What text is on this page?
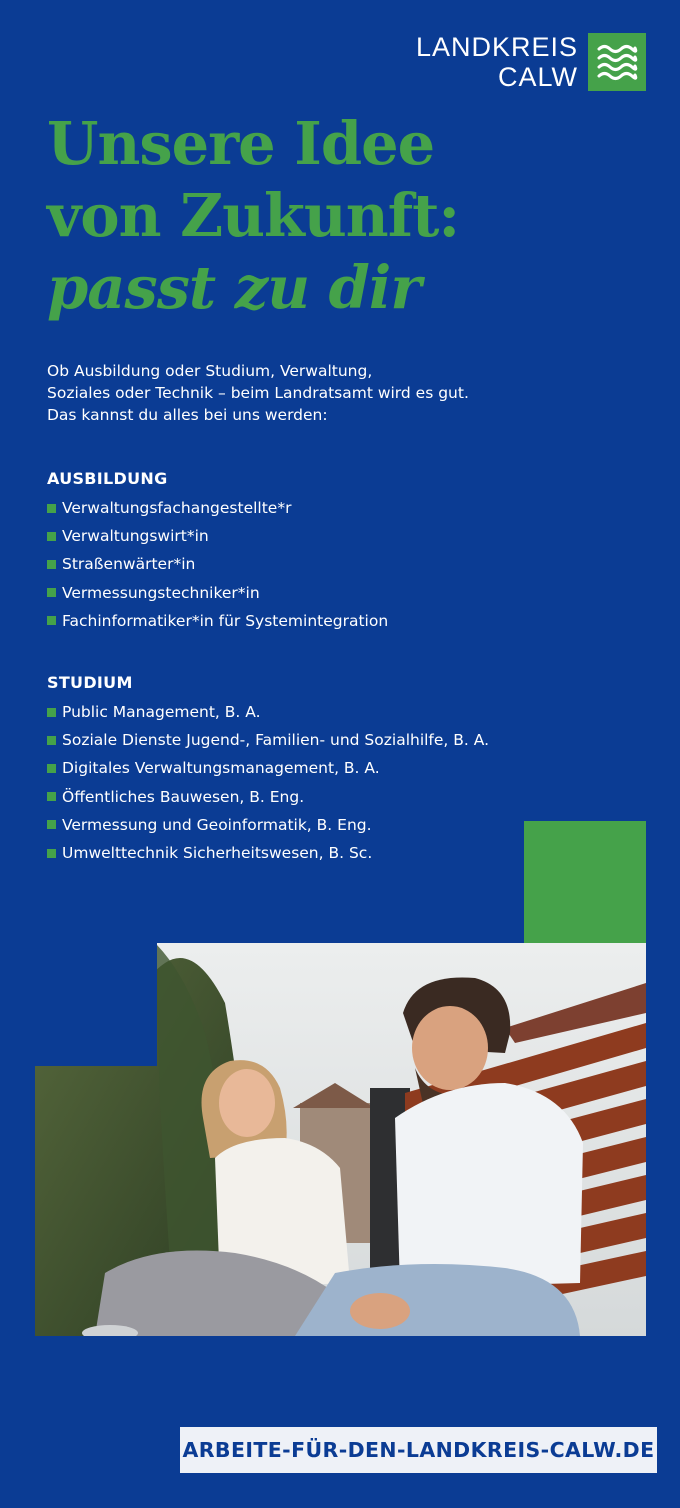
LANDKREIS
CALW
Unsere Idee
von Zukunft:
passt zu dir
Ob Ausbildung oder Studium, Verwaltung,
Soziales oder Technik – beim Landratsamt wird es gut.
Das kannst du alles bei uns werden:
AUSBILDUNG
Verwaltungsfachangestellte*r
Verwaltungswirt*in
Straßenwärter*in
Vermessungstechniker*in
Fachinformatiker*in für Systemintegration
STUDIUM
Public Management, B. A.
Soziale Dienste Jugend-, Familien- und Sozialhilfe, B. A.
Digitales Verwaltungsmanagement, B. A.
Öffentliches Bauwesen, B. Eng.
Vermessung und Geoinformatik, B. Eng.
Umwelttechnik Sicherheitswesen, B. Sc.
ARBEITE-FÜR-DEN-LANDKREIS-CALW.DE
